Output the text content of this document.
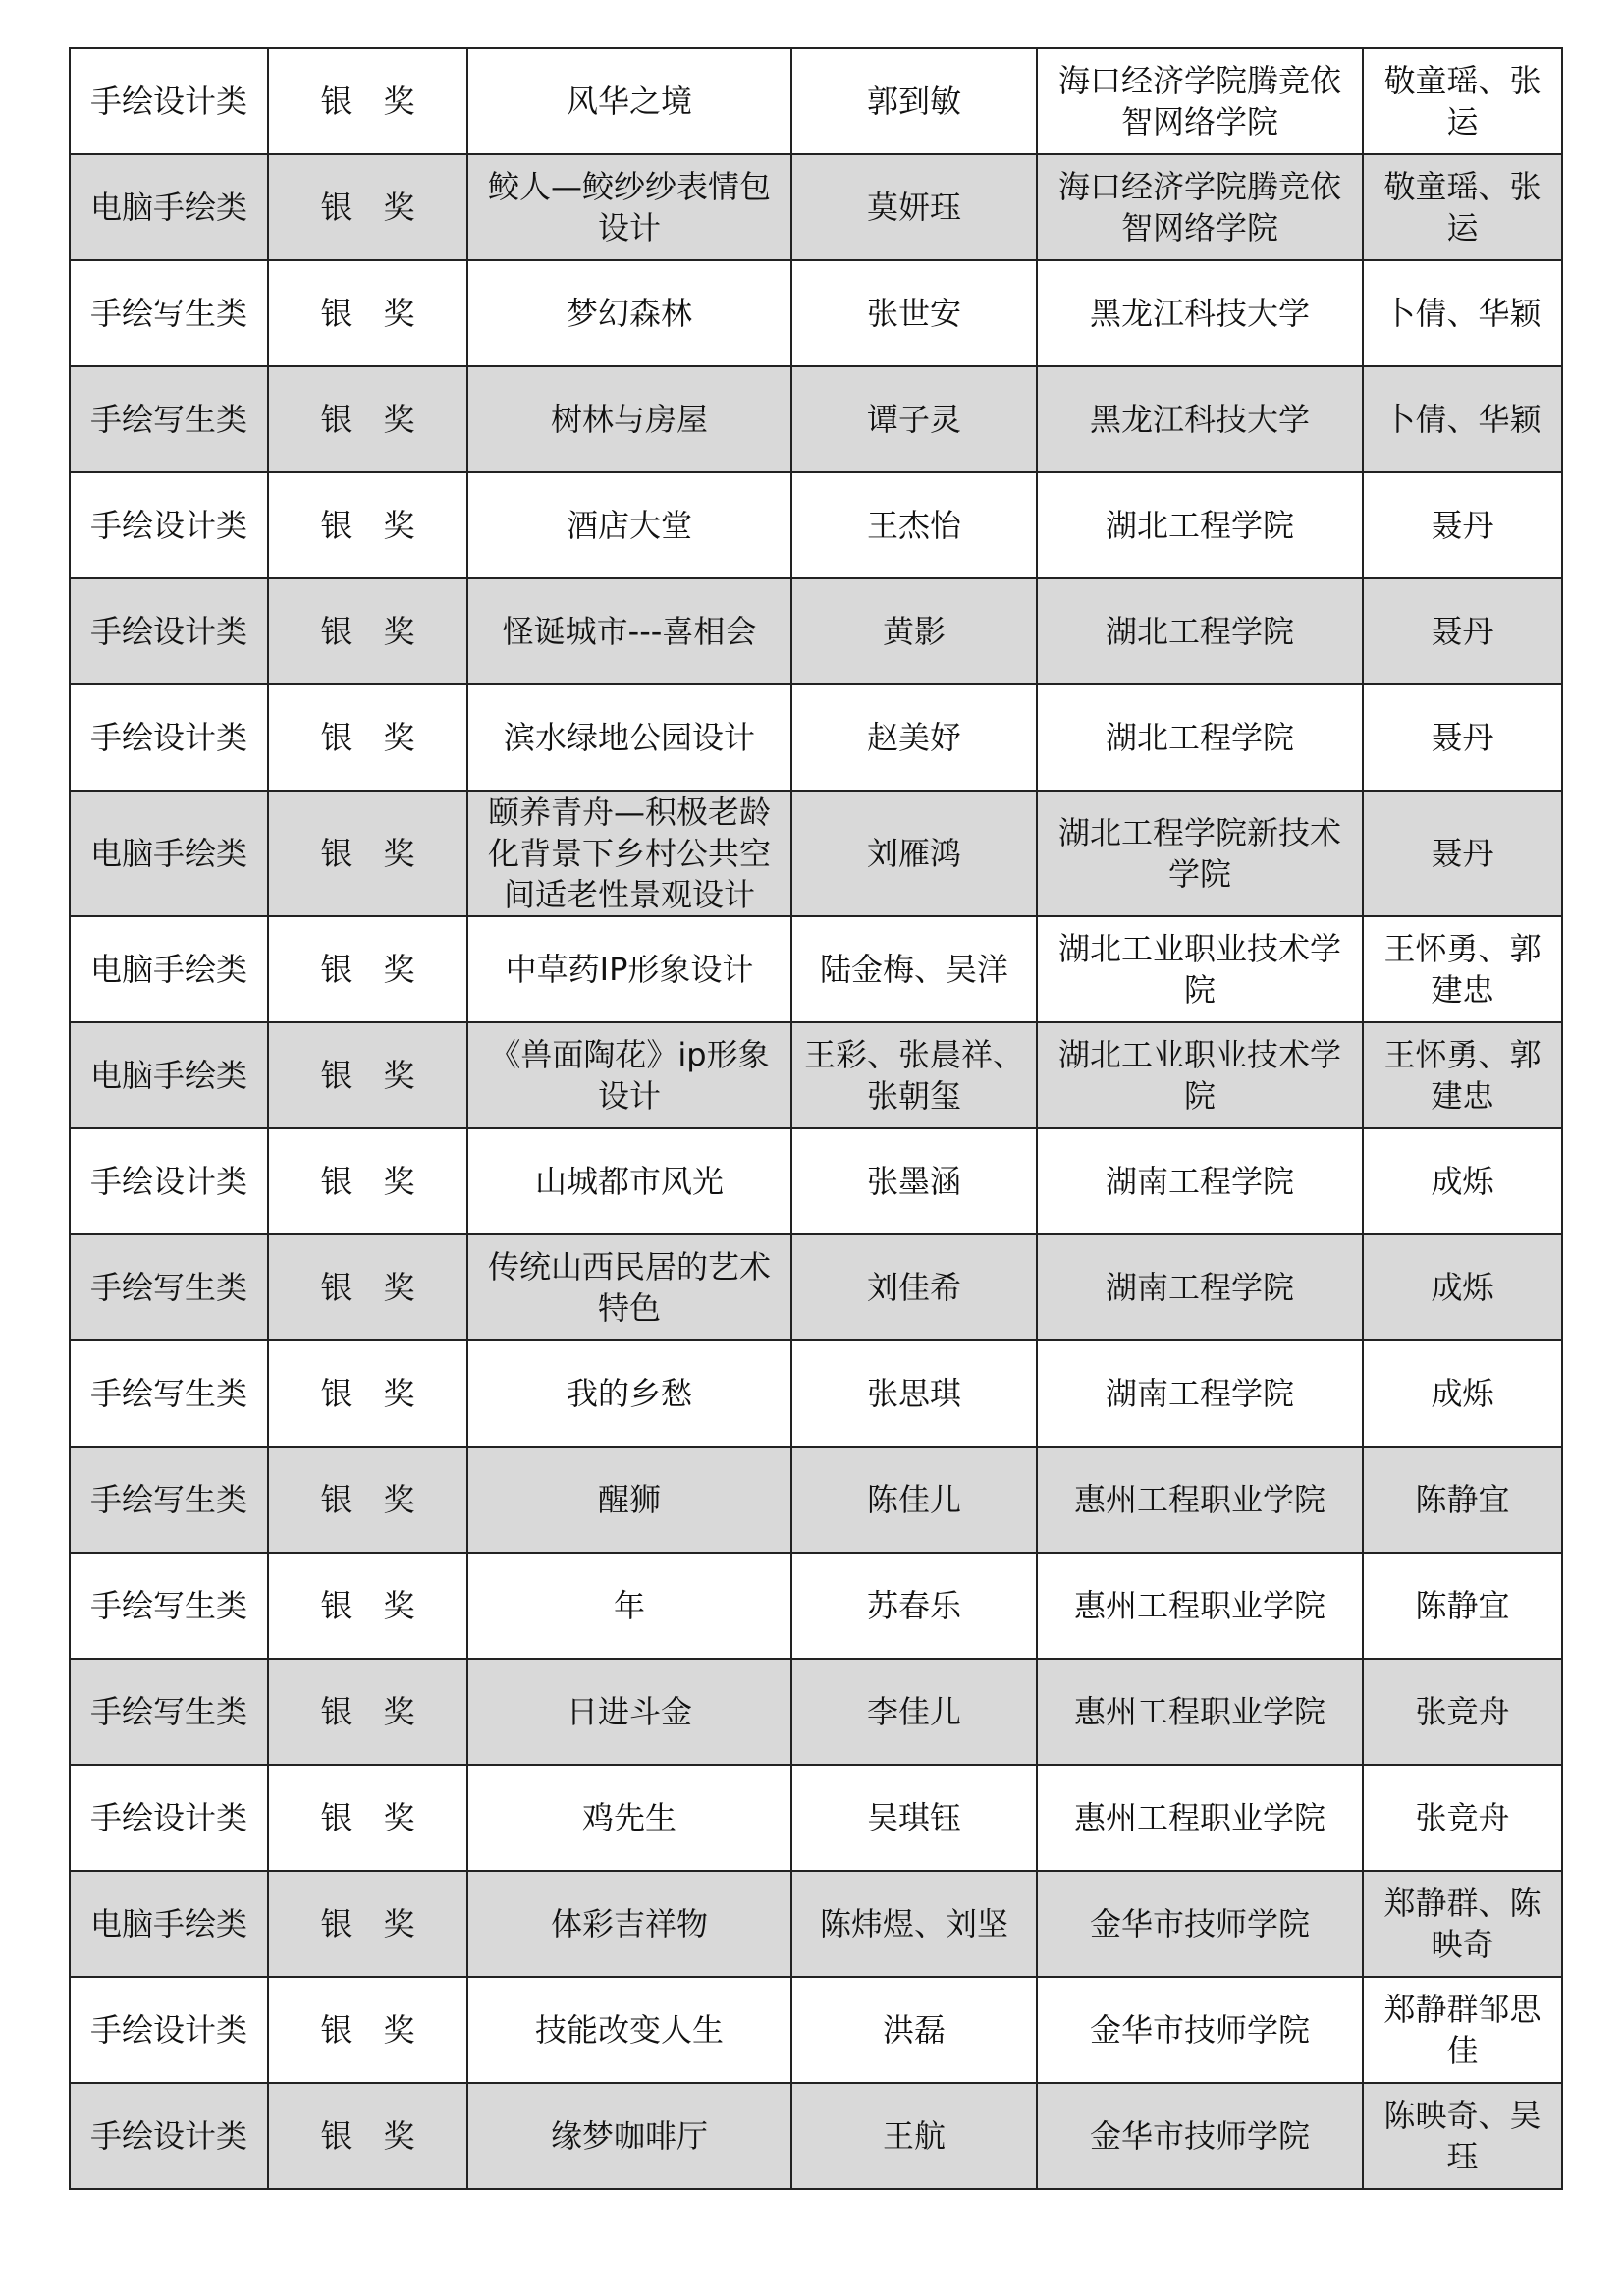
手绘设计类	银　奖	风华之境	郭到敏	海口经济学院腾竞依智网络学院	敬童瑶、张运

电脑手绘类	银　奖	鲛人—鲛纱纱表情包设计	莫妍珏	海口经济学院腾竞依智网络学院	敬童瑶、张运

手绘写生类	银　奖	梦幻森林	张世安	黑龙江科技大学	卜倩、华颖

手绘写生类	银　奖	树林与房屋	谭子灵	黑龙江科技大学	卜倩、华颖

手绘设计类	银　奖	酒店大堂	王杰怡	湖北工程学院	聂丹

手绘设计类	银　奖	怪诞城市---喜相会	黄影	湖北工程学院	聂丹

手绘设计类	银　奖	滨水绿地公园设计	赵美妤	湖北工程学院	聂丹

电脑手绘类	银　奖	颐养青舟—积极老龄化背景下乡村公共空间适老性景观设计	刘雁鸿	湖北工程学院新技术学院	聂丹

电脑手绘类	银　奖	中草药IP形象设计	陆金梅、吴洋	湖北工业职业技术学院	王怀勇、郭建忠

电脑手绘类	银　奖	《兽面陶花》ip形象设计	王彩、张晨祥、张朝玺	湖北工业职业技术学院	王怀勇、郭建忠

手绘设计类	银　奖	山城都市风光	张墨涵	湖南工程学院	成烁

手绘写生类	银　奖	传统山西民居的艺术特色	刘佳希	湖南工程学院	成烁

手绘写生类	银　奖	我的乡愁	张思琪	湖南工程学院	成烁

手绘写生类	银　奖	醒狮	陈佳儿	惠州工程职业学院	陈静宜

手绘写生类	银　奖	年	苏春乐	惠州工程职业学院	陈静宜

手绘写生类	银　奖	日进斗金	李佳儿	惠州工程职业学院	张竞舟

手绘设计类	银　奖	鸡先生	吴琪钰	惠州工程职业学院	张竞舟

电脑手绘类	银　奖	体彩吉祥物	陈炜煜、刘坚	金华市技师学院	郑静群、陈映奇

手绘设计类	银　奖	技能改变人生	洪磊	金华市技师学院	郑静群邹思佳

手绘设计类	银　奖	缘梦咖啡厅	王航	金华市技师学院	陈映奇、吴珏
